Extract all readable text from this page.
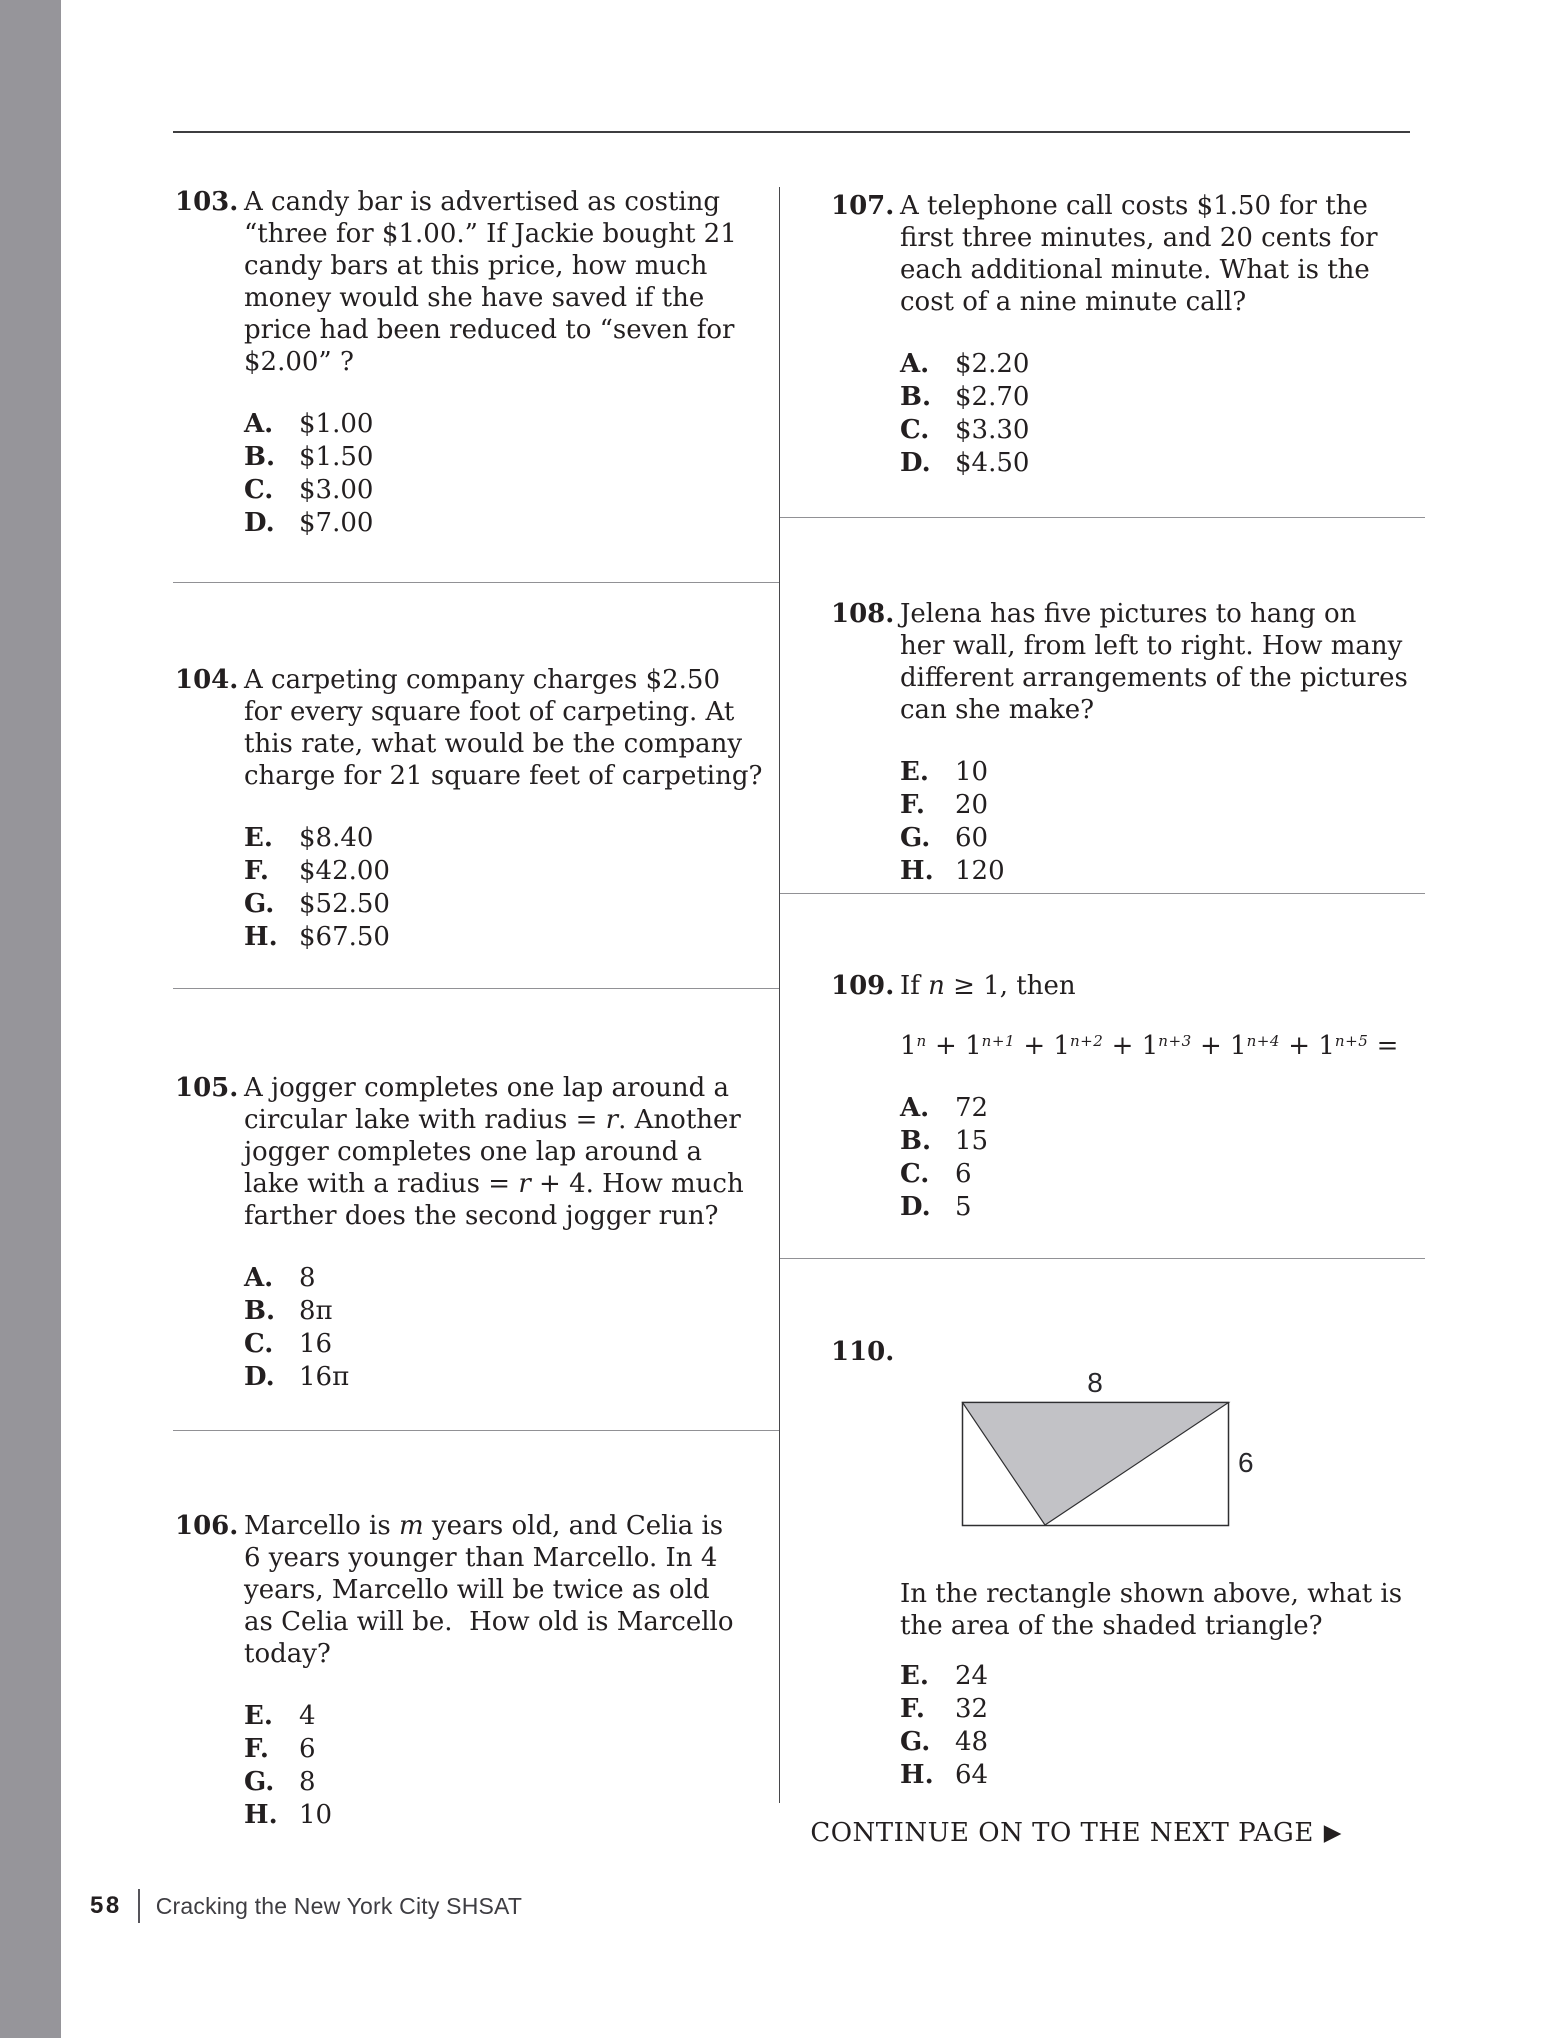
103. A candy bar is advertised as costing
“three for $1.00.” If Jackie bought 21
candy bars at this price, how much
money would she have saved if the
price had been reduced to “seven for
$2.00” ?
A. $1.00
B. $1.50
C. $3.00
D. $7.00
104. A carpeting company charges $2.50
for every square foot of carpeting. At
this rate, what would be the company
charge for 21 square feet of carpeting?
E. $8.40
F. $42.00
G. $52.50
H. $67.50
105. A jogger completes one lap around a
circular lake with radius = r. Another
jogger completes one lap around a
lake with a radius = r + 4. How much
farther does the second jogger run?
A. 8
B. 8π
C. 16
D. 16π
106. Marcello is m years old, and Celia is
6 years younger than Marcello. In 4
years, Marcello will be twice as old
as Celia will be.  How old is Marcello
today?
E. 4
F. 6
G. 8
H. 10
107. A telephone call costs $1.50 for the
first three minutes, and 20 cents for
each additional minute. What is the
cost of a nine minute call?
A. $2.20
B. $2.70
C. $3.30
D. $4.50
108. Jelena has five pictures to hang on
her wall, from left to right. How many
different arrangements of the pictures
can she make?
E. 10
F. 20
G. 60
H. 120
109. If n ≥ 1, then
$1^n + 1^{n+1} + 1^{n+2} + 1^{n+3} + 1^{n+4} + 1^{n+5}$ =
A. 72
B. 15
C. 6
D. 5
110.
In the rectangle shown above, what is
the area of the shaded triangle?
E. 24
F. 32
G. 48
H. 64
8
6
CONTINUE ON TO THE NEXT PAGE ▶
58 Cracking the New York City SHSAT
